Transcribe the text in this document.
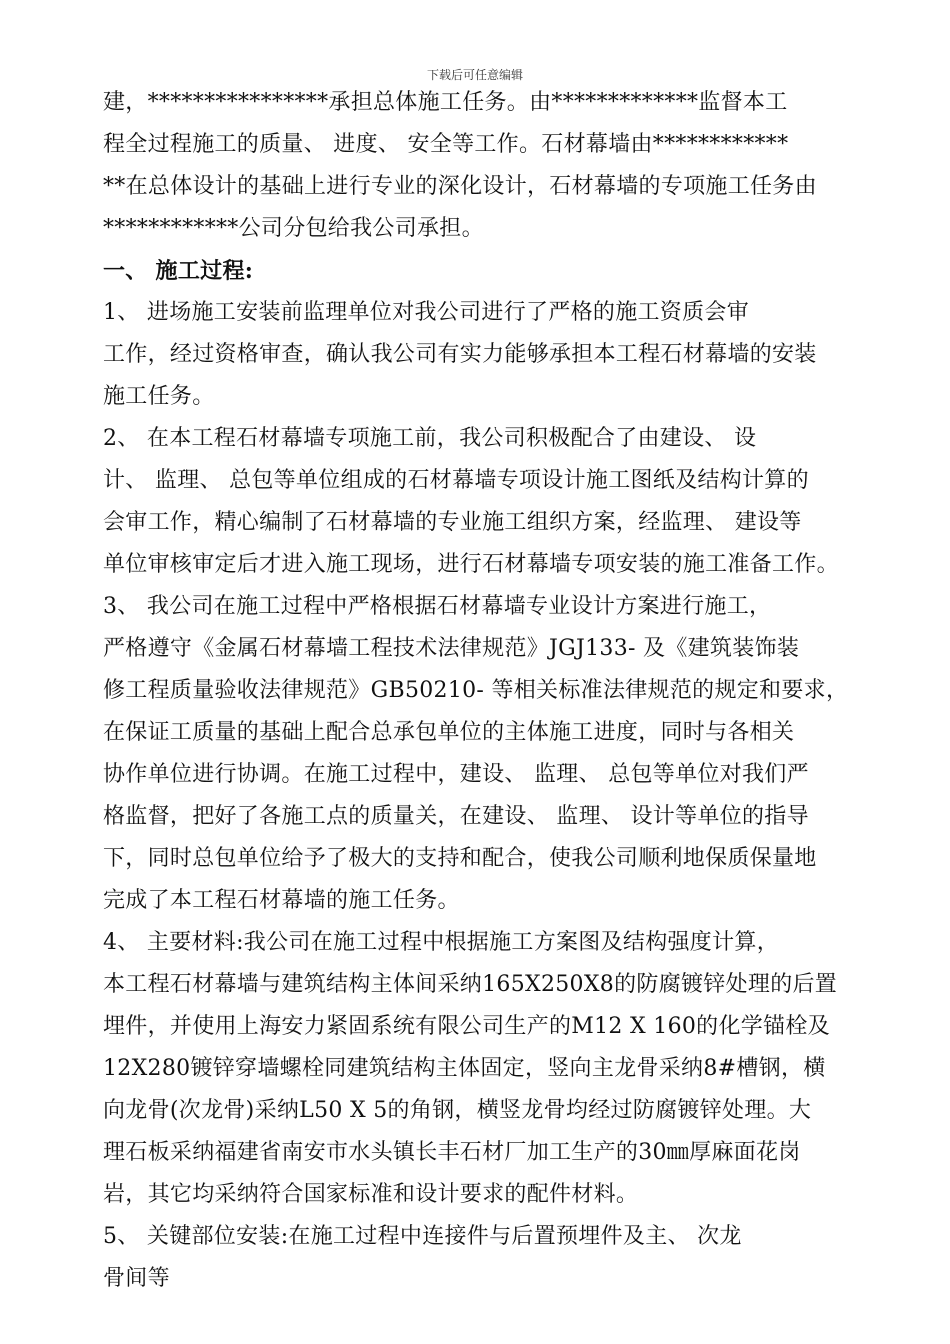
下载后可任意编辑
建，****************承担总体施工任务。由*************监督本工
程全过程施工的质量、 进度、 安全等工作。石材幕墙由************
**在总体设计的基础上进行专业的深化设计，石材幕墙的专项施工任务由
************公司分包给我公司承担。
一、 施工过程:
1、 进场施工安装前监理单位对我公司进行了严格的施工资质会审
工作，经过资格审查，确认我公司有实力能够承担本工程石材幕墙的安装
施工任务。
2、 在本工程石材幕墙专项施工前，我公司积极配合了由建设、 设
计、 监理、 总包等单位组成的石材幕墙专项设计施工图纸及结构计算的
会审工作，精心编制了石材幕墙的专业施工组织方案，经监理、 建设等
单位审核审定后才进入施工现场，进行石材幕墙专项安装的施工准备工作。
3、 我公司在施工过程中严格根据石材幕墙专业设计方案进行施工，
严格遵守《金属石材幕墙工程技术法律规范》JGJ133- 及《建筑装饰装
修工程质量验收法律规范》GB50210- 等相关标准法律规范的规定和要求，
在保证工质量的基础上配合总承包单位的主体施工进度，同时与各相关
协作单位进行协调。在施工过程中，建设、 监理、 总包等单位对我们严
格监督，把好了各施工点的质量关，在建设、 监理、 设计等单位的指导
下，同时总包单位给予了极大的支持和配合，使我公司顺利地保质保量地
完成了本工程石材幕墙的施工任务。
4、 主要材料:我公司在施工过程中根据施工方案图及结构强度计算，
本工程石材幕墙与建筑结构主体间采纳165X250X8的防腐镀锌处理的后置
埋件，并使用上海安力紧固系统有限公司生产的M12 X 160的化学锚栓及
12X280镀锌穿墙螺栓同建筑结构主体固定，竖向主龙骨采纳8#槽钢，横
向龙骨(次龙骨)采纳L50 X 5的角钢，横竖龙骨均经过防腐镀锌处理。大
理石板采纳福建省南安市水头镇长丰石材厂加工生产的30㎜厚麻面花岗
岩，其它均采纳符合国家标准和设计要求的配件材料。
5、 关键部位安装:在施工过程中连接件与后置预埋件及主、 次龙
骨间等
